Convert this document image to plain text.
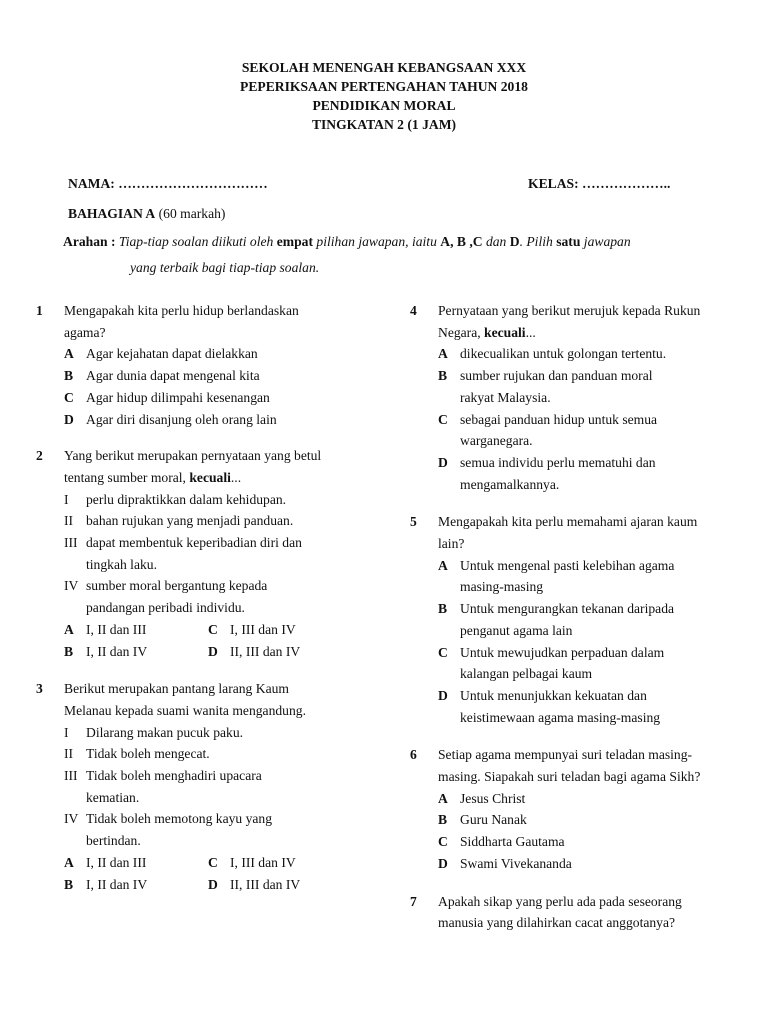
SEKOLAH MENENGAH KEBANGSAAN XXX
PEPERIKSAAN PERTENGAHAN TAHUN 2018
PENDIDIKAN MORAL
TINGKATAN 2 (1 JAM)
NAMA: ……………………………	KELAS: ………………..
BAHAGIAN A (60 markah)
Arahan : Tiap-tiap soalan diikuti oleh empat pilihan jawapan, iaitu A, B ,C dan D. Pilih satu jawapan
yang terbaik bagi tiap-tiap soalan.
1 Mengapakah kita perlu hidup berlandaskan
agama?
A Agar kejahatan dapat dielakkan
B Agar dunia dapat mengenal kita
C Agar hidup dilimpahi kesenangan
D Agar diri disanjung oleh orang lain
2 Yang berikut merupakan pernyataan yang betul
tentang sumber moral, kecuali...
I	perlu dipraktikkan dalam kehidupan.
II bahan rujukan yang menjadi panduan.
III dapat membentuk keperibadian diri dan
tingkah laku.
IV sumber moral bergantung kepada
pandangan peribadi individu.
A I, II dan III	C I, III dan IV
B I, II dan IV	D II, III dan IV
3 Berikut merupakan pantang larang Kaum
Melanau kepada suami wanita mengandung.
I	Dilarang makan pucuk paku.
II Tidak boleh mengecat.
III Tidak boleh menghadiri upacara
kematian.
IV Tidak boleh memotong kayu yang
bertindan.
A I, II dan III	C I, III dan IV
B I, II dan IV	D II, III dan IV
4 Pernyataan yang berikut merujuk kepada Rukun
Negara, kecuali...
A dikecualikan untuk golongan tertentu.
B sumber rujukan dan panduan moral
rakyat Malaysia.
C sebagai panduan hidup untuk semua
warganegara.
D semua individu perlu mematuhi dan
mengamalkannya.
5 Mengapakah kita perlu memahami ajaran kaum
lain?
A Untuk mengenal pasti kelebihan agama
masing-masing
B Untuk mengurangkan tekanan daripada
penganut agama lain
C Untuk mewujudkan perpaduan dalam
kalangan pelbagai kaum
D Untuk menunjukkan kekuatan dan
keistimewaan agama masing-masing
6 Setiap agama mempunyai suri teladan masing-
masing. Siapakah suri teladan bagi agama Sikh?
A Jesus Christ
B Guru Nanak
C Siddharta Gautama
D Swami Vivekananda
7 Apakah sikap yang perlu ada pada seseorang
manusia yang dilahirkan cacat anggotanya?
